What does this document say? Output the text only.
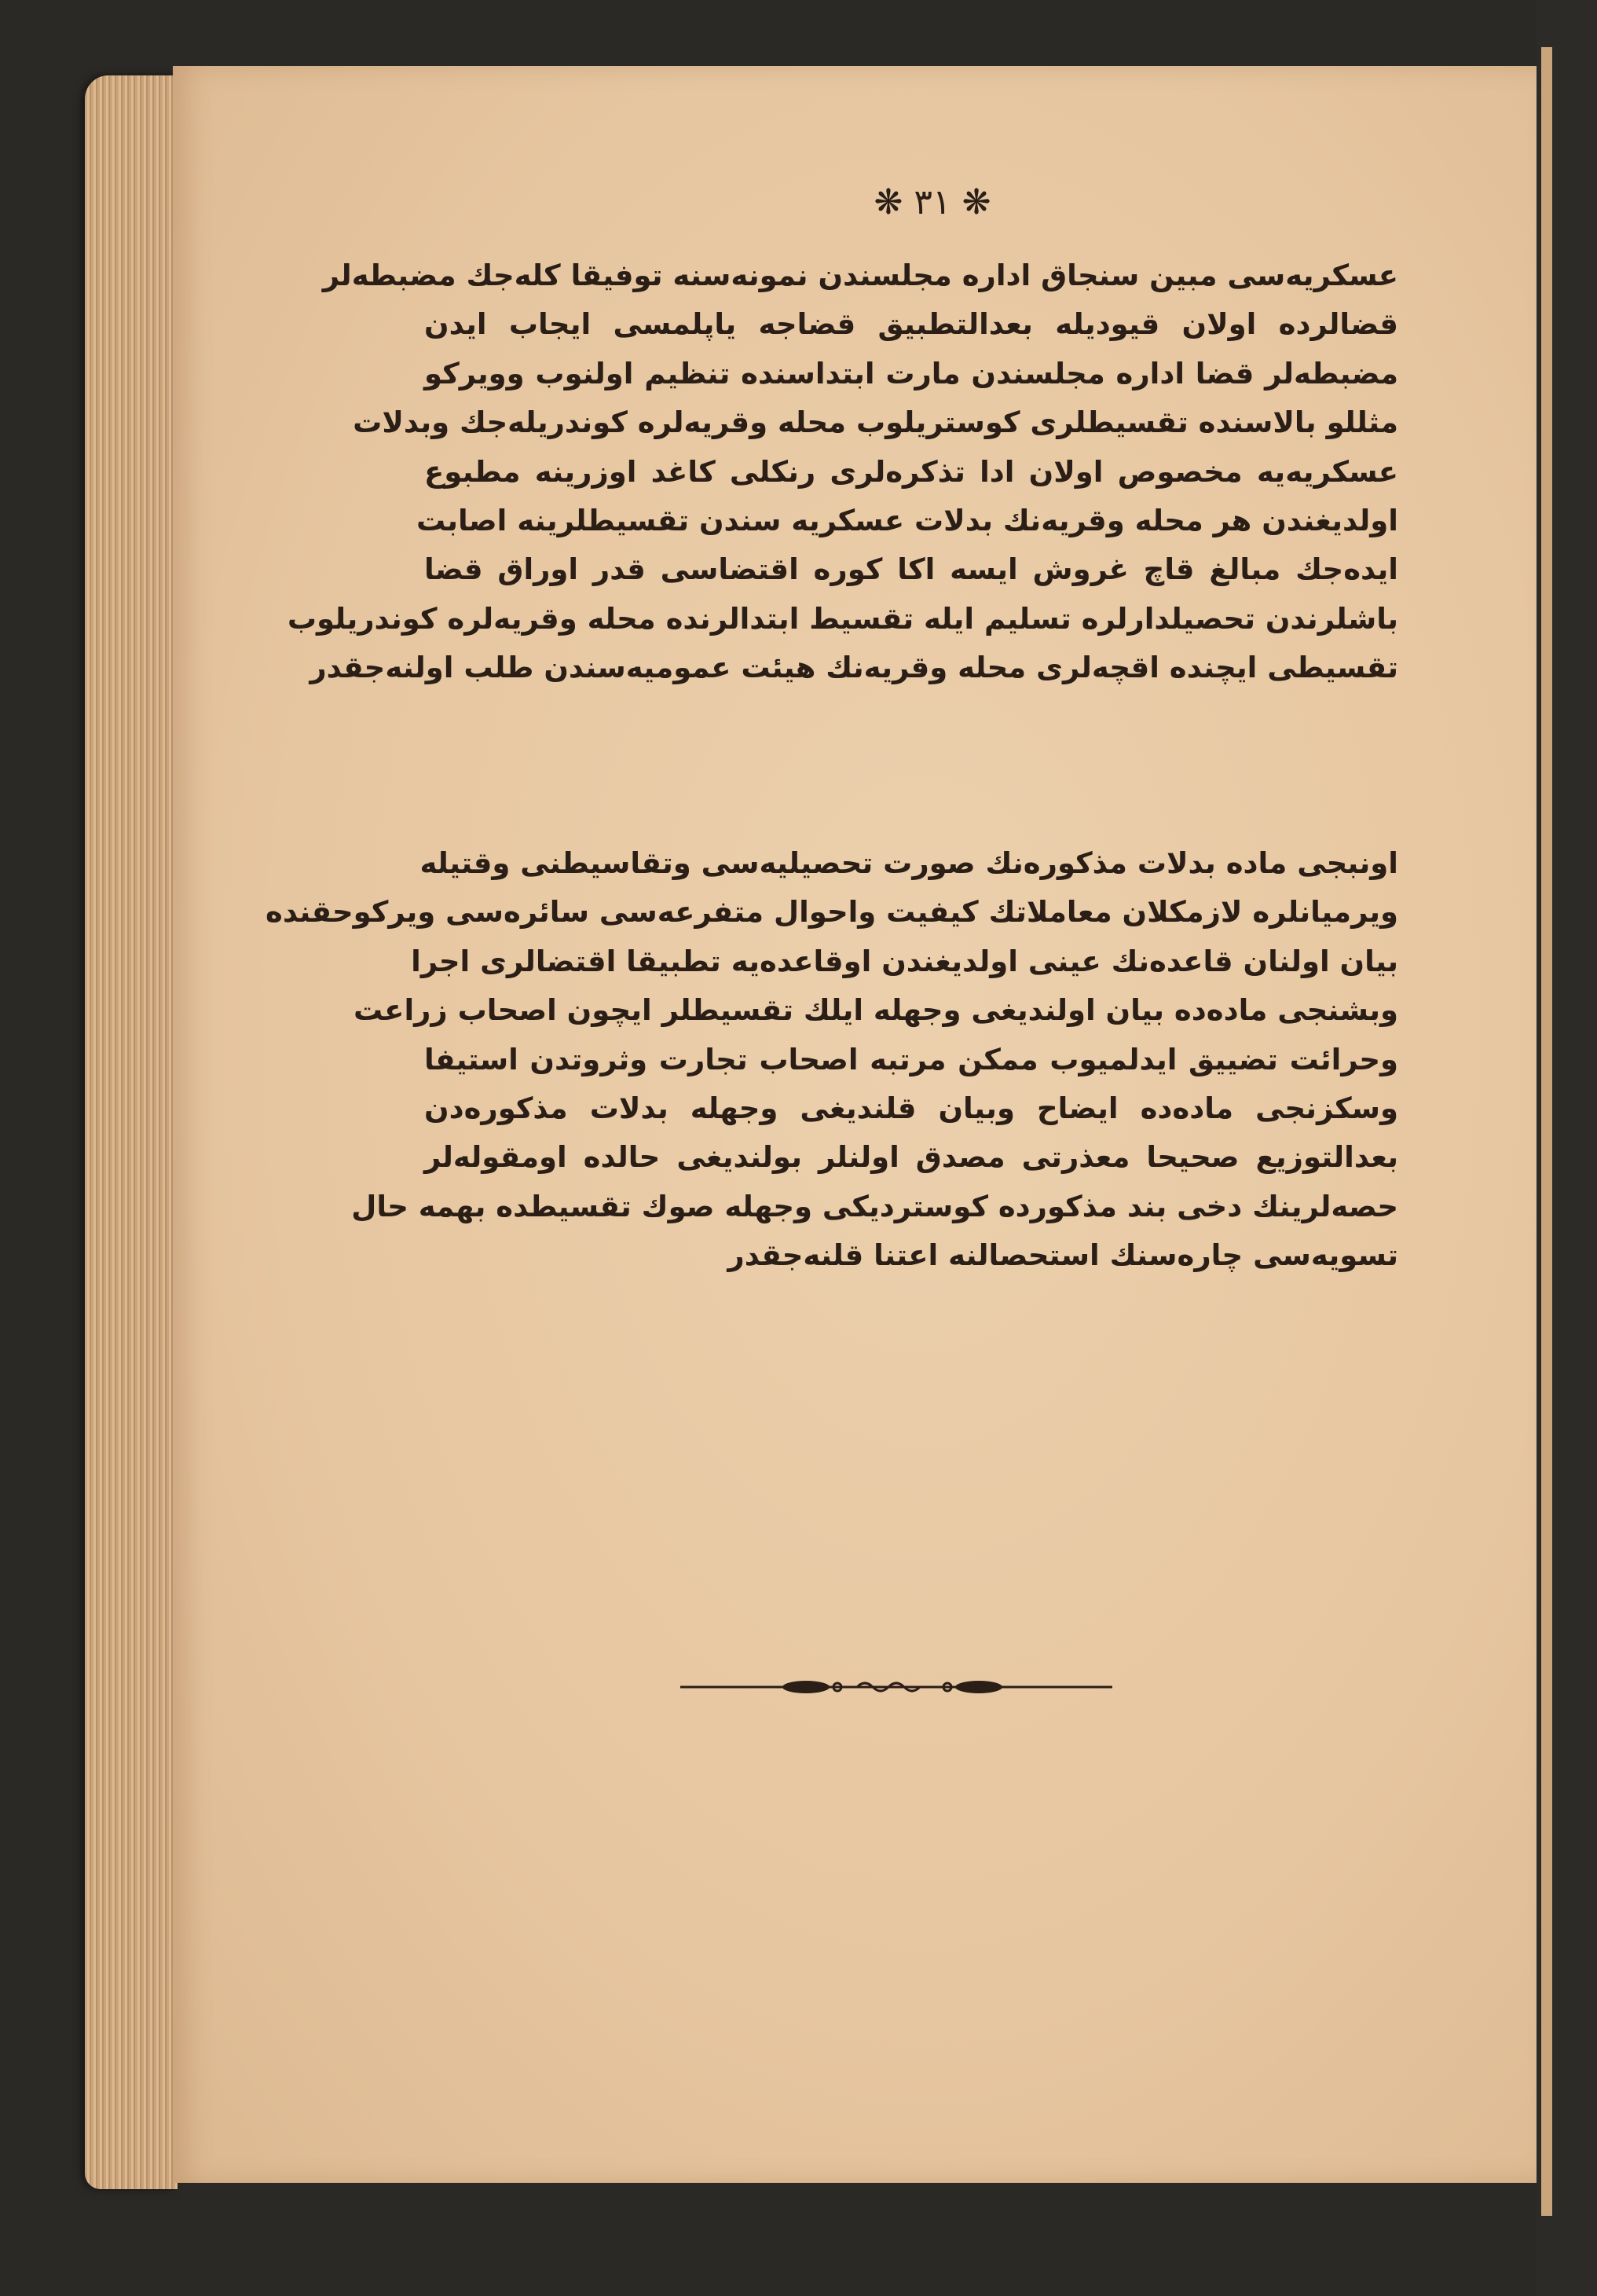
❋ ٣١ ❋
عسکریه‌سی مبین سنجاق اداره مجلسندن نمونه‌سنه توفیقا کله‌جك مضبطه‌لر
قضالرده اولان قیودیله بعدالتطبیق قضاجه یاپلمسی ایجاب ایدن
مضبطه‌لر قضا اداره مجلسندن مارت ابتداسنده تنظیم اولنوب وویرکو
مثللو بالاسنده تقسیطلری کوستریلوب محله وقریه‌لره کوندریله‌جك وبدلات
عسکریه‌یه مخصوص اولان ادا تذکره‌لری رنکلی کاغد اوزرینه مطبوع
اولدیغندن هر محله وقریه‌نك بدلات عسکریه سندن تقسیطلرینه اصابت
ایده‌جك مبالغ قاچ غروش ایسه اکا کوره اقتضاسی قدر اوراق قضا
باشلرندن تحصیلدارلره تسلیم ایله تقسیط ابتدالرنده محله وقریه‌لره کوندریلوب
تقسیطی ایچنده اقچه‌لری محله وقریه‌نك هیئت عمومیه‌سندن طلب اولنه‌جقدر
اونبجی ماده بدلات مذکوره‌نك صورت تحصیلیه‌سی وتقاسیطنی وقتیله
ویرمیانلره لازمکلان معاملاتك کیفیت واحوال متفرعه‌سی سائره‌سی ویرکوحقنده
بیان اولنان قاعده‌نك عینی اولدیغندن اوقاعده‌یه تطبیقا اقتضالری اجرا
وبشنجی ماده‌ده بیان اولندیغی وجهله ایلك تقسیطلر ایچون اصحاب زراعت
وحرائت تضییق ایدلمیوب ممکن مرتبه اصحاب تجارت وثروتدن استیفا
وسکزنجی ماده‌ده ایضاح وبیان قلندیغی وجهله بدلات مذکوره‌دن
بعدالتوزیع صحیحا معذرتی مصدق اولنلر بولندیغی حالده اومقوله‌لر
حصه‌لرینك دخی بند مذکورده کوستردیکی وجهله صوك تقسیطده بهمه حال
تسویه‌سی چاره‌سنك استحصالنه اعتنا قلنه‌جقدر
